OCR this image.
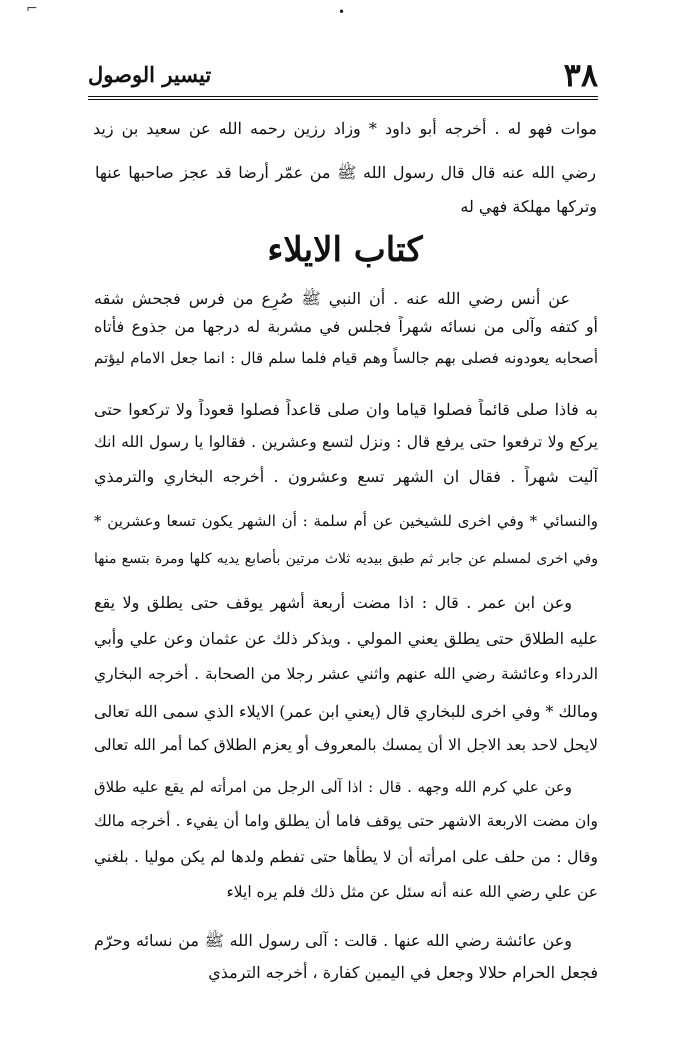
•
⌐
٣٨
تيسير الوصول

موات فهو له . أخرجه أبو داود * وزاد رزين رحمه الله عن سعيد بن زيد

رضي الله عنه قال قال رسول الله ﷺ من عمّر أرضا قد عجز صاحبها عنها

وتركها مهلكة فهي له

كتاب الايلاء

عن أنس رضي الله عنه . أن النبي ﷺ صُرِع من فرس فجحش شقه

أو كتفه وآلى من نسائه شهراً فجلس في مشربة له درجها من جذوع فأتاه

أصحابه يعودونه فصلى بهم جالساً وهم قيام فلما سلم قال : انما جعل الامام ليؤتم

به فاذا صلى قائماً فصلوا قياما وان صلى قاعداً فصلوا قعوداً ولا تركعوا حتى

يركع ولا ترفعوا حتى يرفع قال : ونزل لتسع وعشرين . فقالوا يا رسول الله انك

آليت شهراً . فقال ان الشهر تسع وعشرون . أخرجه البخاري والترمذي

والنسائي * وفي اخرى للشيخين عن أم سلمة : أن الشهر يكون تسعا وعشرين *

وفي اخرى لمسلم عن جابر ثم طبق بيديه ثلاث مرتين بأصابع يديه كلها ومرة بتسع منها

وعن ابن عمر . قال : اذا مضت أربعة أشهر يوقف حتى يطلق ولا يقع

عليه الطلاق حتى يطلق يعني المولي . ويذكر ذلك عن عثمان وعن علي وأبي

الدرداء وعائشة رضي الله عنهم واثني عشر رجلا من الصحابة . أخرجه البخاري

ومالك * وفي اخرى للبخاري قال (يعني ابن عمر) الايلاء الذي سمى الله تعالى

لايحل لاحد بعد الاجل الا أن يمسك بالمعروف أو يعزم الطلاق كما أمر الله تعالى

وعن علي كرم الله وجهه . قال : اذا آلى الرجل من امرأته لم يقع عليه طلاق

وان مضت الاربعة الاشهر حتى يوقف فاما أن يطلق واما أن يفيء . أخرجه مالك

وقال : من حلف على امرأته أن لا يطأها حتى تفطم ولدها لم يكن موليا . بلغني

عن علي رضي الله عنه أنه سئل عن مثل ذلك فلم يره ايلاء

وعن عائشة رضي الله عنها . قالت : آلى رسول الله ﷺ من نسائه وحرّم

فجعل الحرام حلالا وجعل في اليمين كفارة ، أخرجه الترمذي
